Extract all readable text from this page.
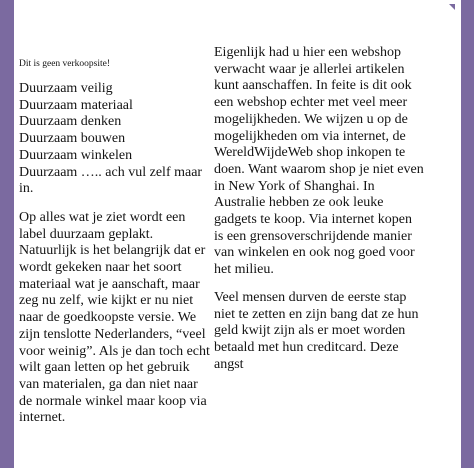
Dit is geen verkoopsite!

Duurzaam veilig
Duurzaam materiaal
Duurzaam denken
Duurzaam bouwen
Duurzaam winkelen
Duurzaam ….. ach vul zelf maar in.

Op alles wat je ziet wordt een label duurzaam geplakt. Natuurlijk is het belangrijk dat er wordt gekeken naar het soort materiaal wat je aanschaft, maar zeg nu zelf, wie kijkt er nu niet naar de goedkoopste versie. We zijn tenslotte Nederlanders, “veel voor weinig”. Als je dan toch echt wilt gaan letten op het gebruik van materialen, ga dan niet naar de normale winkel maar koop via internet.

Eigenlijk had u hier een webshop verwacht waar je allerlei artikelen kunt aanschaffen. In feite is dit ook een webshop echter met veel meer mogelijkheden. We wijzen u op de mogelijkheden om via internet, de WereldWijdeWeb shop inkopen te doen. Want waarom shop je niet even in New York of Shanghai. In Australie hebben ze ook leuke gadgets te koop. Via internet kopen is een grensoverschrijdende manier van winkelen en ook nog goed voor het milieu.

Veel mensen durven de eerste stap niet te zetten en zijn bang dat ze hun geld kwijt zijn als er moet worden betaald met hun creditcard. Deze angst
